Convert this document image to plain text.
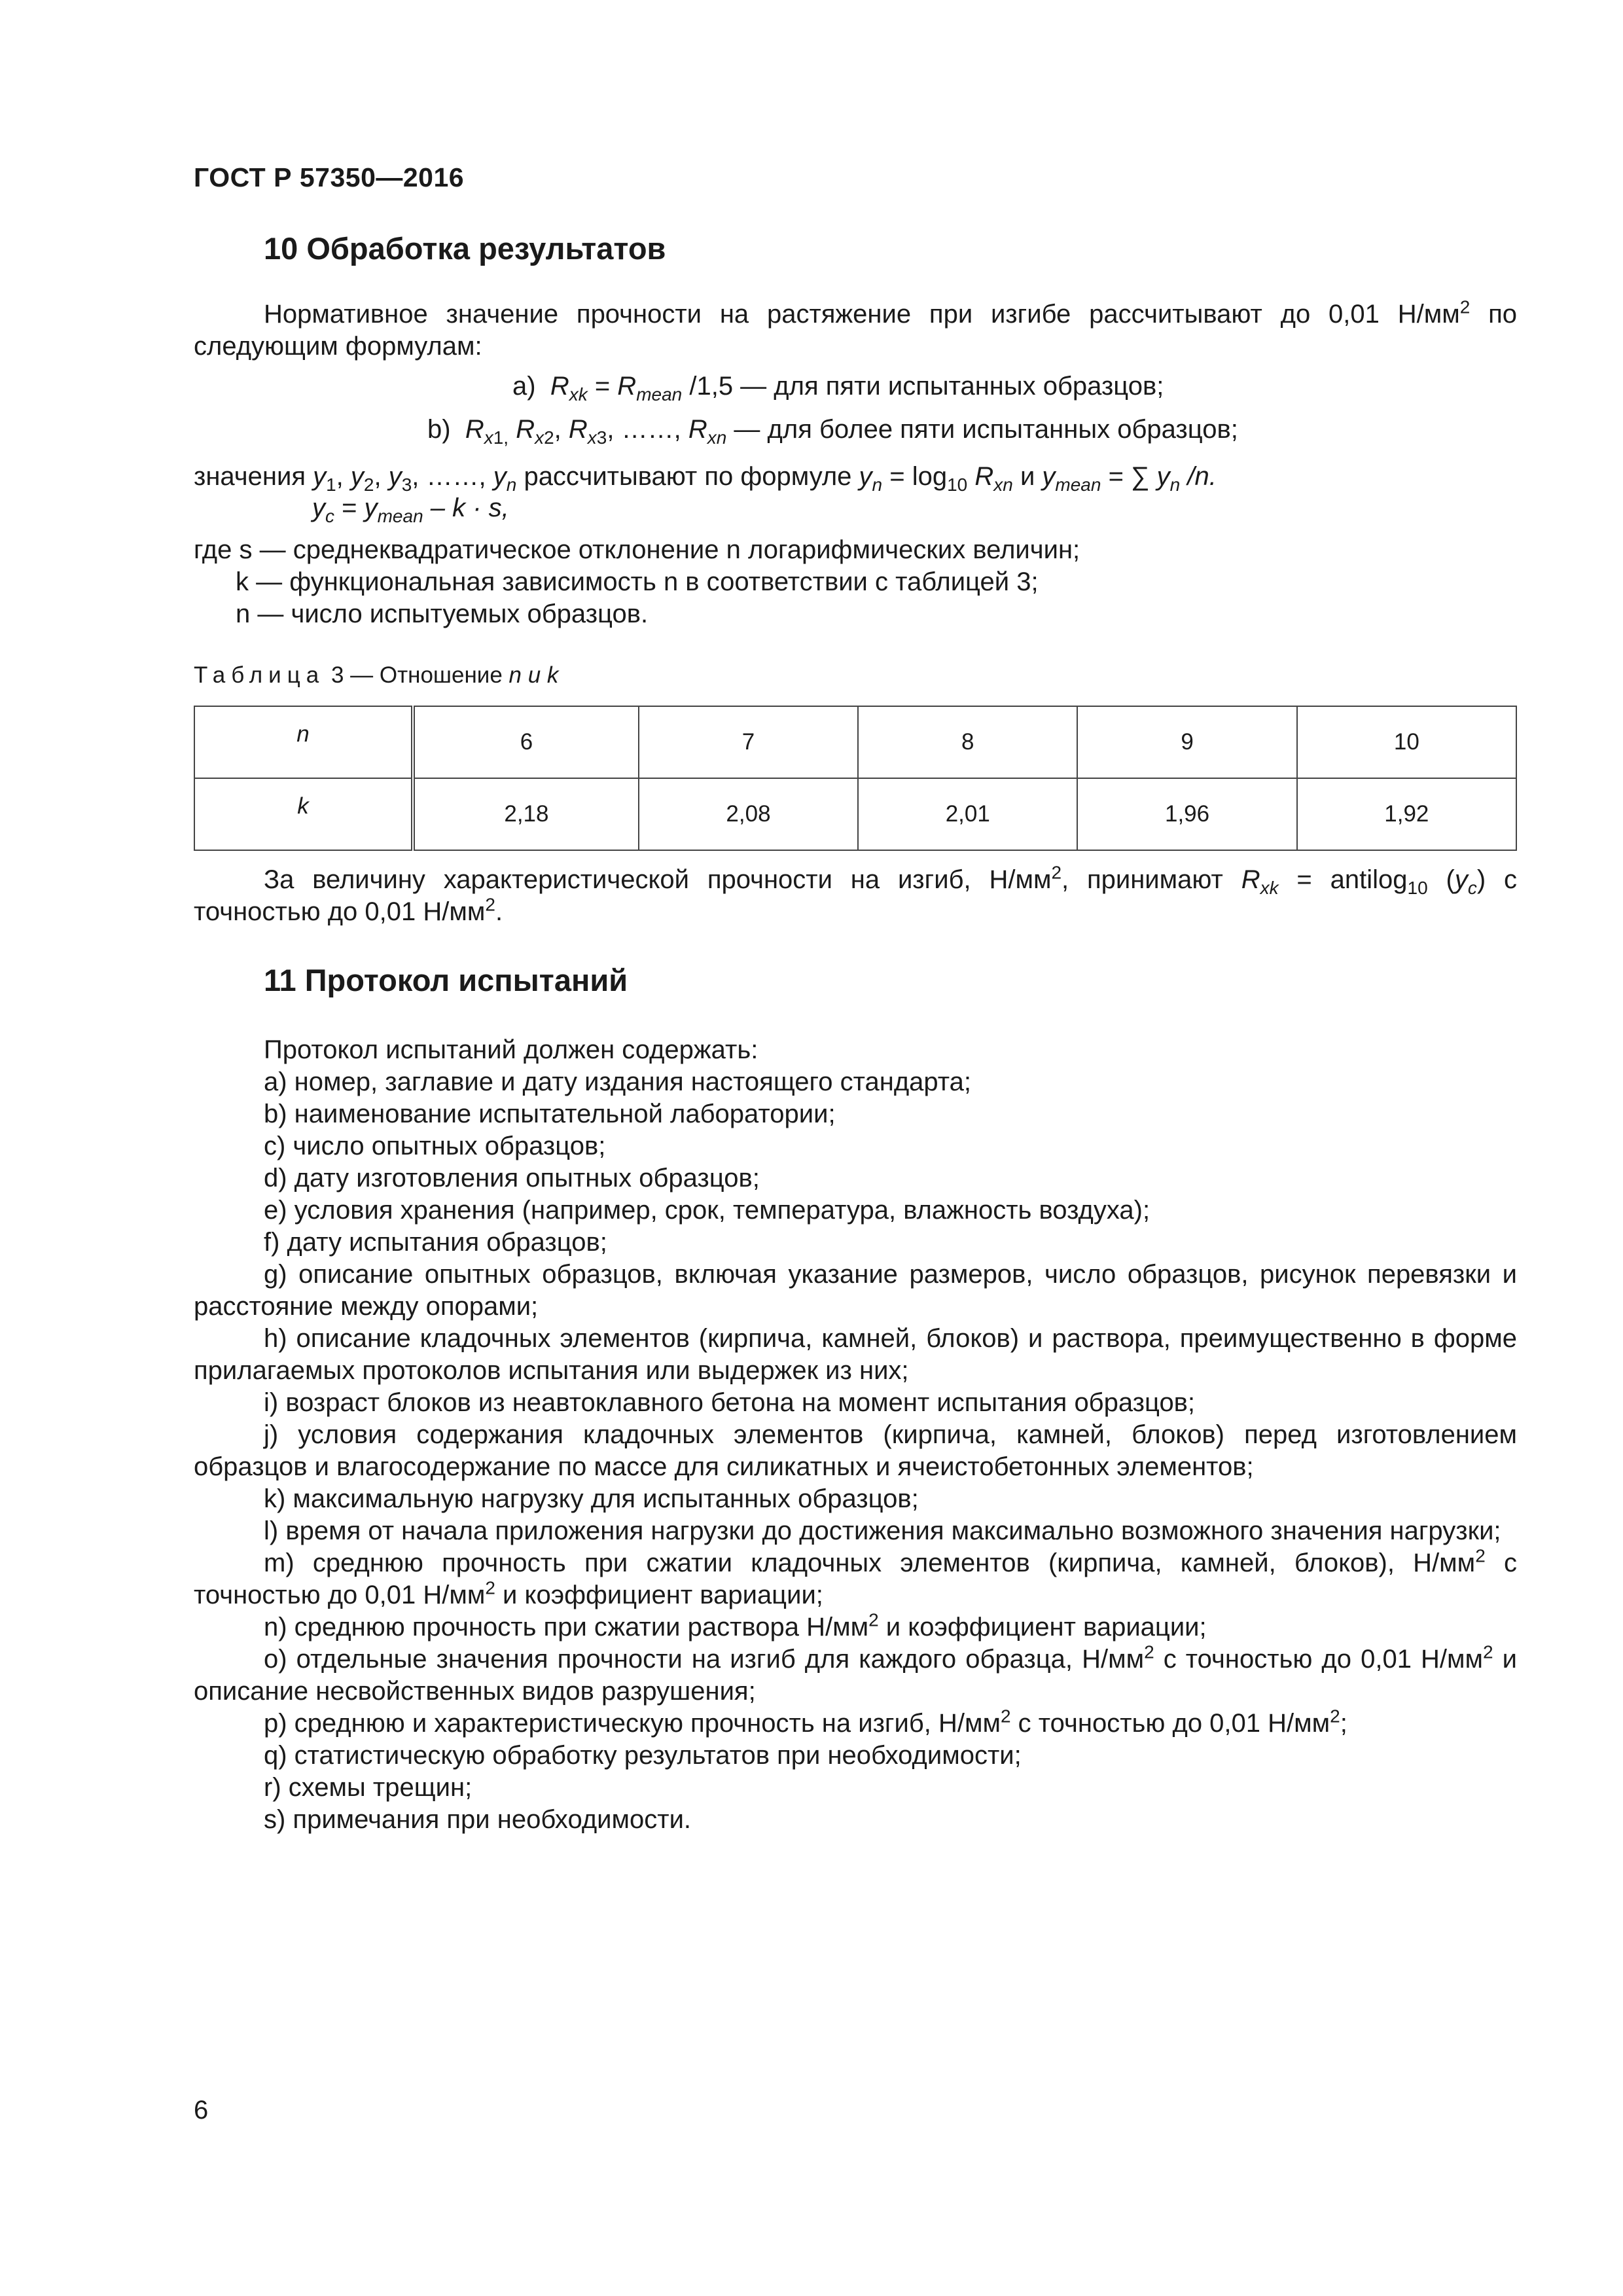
ГОСТ Р 57350—2016

10 Обработка результатов

Нормативное значение прочности на растяжение при изгибе рассчитывают до 0,01 $Н/мм^2$ по следующим формулам:

a) $R_{xk} = R_{mean}$ /1,5 — для пяти испытанных образцов;
b) $R_{x1,}$ $R_{x2}$, $R_{x3}$, ……, $R_{xn}$ — для более пяти испытанных образцов;
значения $y_1$, $y_2$, $y_3$, ……, $y_n$ рассчитывают по формуле $y_n = \log_{10} R_{xn}$ и $y_{mean}$ = ∑ $y_n$ /n.
$y_c = y_{mean} - k \cdot s$,

где s — среднеквадратическое отклонение n логарифмических величин;

k — функциональная зависимость n в соответствии с таблицей 3;

n — число испытуемых образцов.

Таблица 3 — Отношение n и k

n	6	7	8	9	10
k	2,18	2,08	2,01	1,96	1,92

За величину характеристической прочности на изгиб, $Н/мм^2$, принимают $R_{xk}$ = antilog$_{10}$ $(y_c)$ с точностью до 0,01 $Н/мм^2$.

11 Протокол испытаний

Протокол испытаний должен содержать:

a) номер, заглавие и дату издания настоящего стандарта;

b) наименование испытательной лаборатории;

c) число опытных образцов;

d) дату изготовления опытных образцов;

e) условия хранения (например, срок, температура, влажность воздуха);

f) дату испытания образцов;

g) описание опытных образцов, включая указание размеров, число образцов, рисунок перевязки и расстояние между опорами;

h) описание кладочных элементов (кирпича, камней, блоков) и раствора, преимущественно в форме прилагаемых протоколов испытания или выдержек из них;

i) возраст блоков из неавтоклавного бетона на момент испытания образцов;

j) условия содержания кладочных элементов (кирпича, камней, блоков) перед изготовлением образцов и влагосодержание по массе для силикатных и ячеистобетонных элементов;

k) максимальную нагрузку для испытанных образцов;

l) время от начала приложения нагрузки до достижения максимально возможного значения нагрузки;

m) среднюю прочность при сжатии кладочных элементов (кирпича, камней, блоков), $Н/мм^2$ с точностью до 0,01 $Н/мм^2$ и коэффициент вариации;

n) среднюю прочность при сжатии раствора $Н/мм^2$ и коэффициент вариации;

o) отдельные значения прочности на изгиб для каждого образца, $Н/мм^2$ с точностью до 0,01 $Н/мм^2$ и описание несвойственных видов разрушения;

p) среднюю и характеристическую прочность на изгиб, $Н/мм^2$ с точностью до 0,01 $Н/мм^2$;

q) статистическую обработку результатов при необходимости;

r) схемы трещин;

s) примечания при необходимости.

6
